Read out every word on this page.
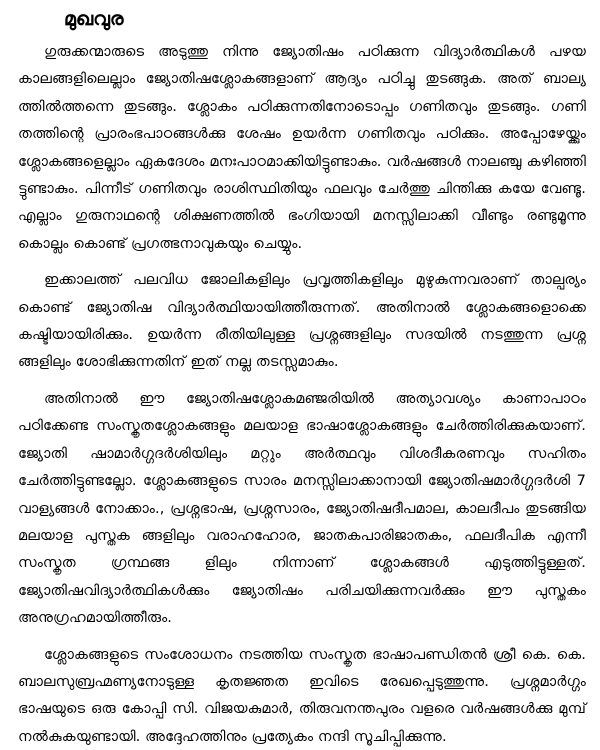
മുഖവുര

ഗുരുക്കന്മാരുടെ അടുത്തു നിന്നു ജ്യോതിഷം പഠിക്കുന്ന വിദ്യാർത്ഥികൾ പഴയ കാലങ്ങളിലെല്ലാം ജ്യോതിഷശ്ലോകങ്ങളാണ് ആദ്യം പഠിച്ചു തുടങ്ങുക. അത് ബാല്യ ത്തിൽത്തന്നെ തുടങ്ങും. ശ്ലോകം പഠിക്കുന്നതിനോടൊപ്പം ഗണിതവും തുടങ്ങും. ഗണി തത്തിന്റെ പ്രാരംഭപാഠങ്ങൾക്കു ശേഷം ഉയർന്ന ഗണിതവും പഠിക്കും. അപ്പോഴേയ്ക്കും ശ്ലോകങ്ങളെല്ലാം ഏകദേശം മനഃപാഠമാക്കിയിട്ടുണ്ടാകും. വർഷങ്ങൾ നാലഞ്ചു കഴിഞ്ഞി ട്ടുണ്ടാകും. പിന്നീട് ഗണിതവും രാശിസ്ഥിതിയും ഫലവും ചേർത്തു ചിന്തിക്കു കയേ വേണ്ടൂ. എല്ലാം ഗുരുനാഥന്റെ ശിക്ഷണത്തിൽ ഭംഗിയായി മനസ്സിലാക്കി വീണ്ടും രണ്ടുമൂന്നു കൊല്ലം കൊണ്ട് പ്രഗത്ഭനാവുകയും ചെയ്യും.

ഇക്കാലത്ത് പലവിധ ജോലികളിലും പ്രവൃത്തികളിലും മുഴുകുന്നവരാണ് താല്പര്യം കൊണ്ട് ജ്യോതിഷ വിദ്യാർത്ഥിയായിത്തീരുന്നത്. അതിനാൽ ശ്ലോകങ്ങളൊക്കെ കഷ്ടിയായിരിക്കും. ഉയർന്ന രീതിയിലുള്ള പ്രശ്നങ്ങളിലും സദയിൽ നടത്തുന്ന പ്രശ്ന ങ്ങളിലും ശോഭിക്കുന്നതിന് ഇത് നല്ല തടസ്സമാകും.

അതിനാൽ ഈ ജ്യോതിഷശ്ലോകമഞ്ജരിയിൽ അത്യാവശ്യം കാണാപാഠം പഠിക്കേണ്ട സംസ്കൃതശ്ലോകങ്ങളും മലയാള ഭാഷാശ്ലോകങ്ങളും ചേർത്തിരിക്കുകയാണ്. ജ്യോതി ഷാമാർഗ്ഗദർശിയിലും മറ്റും അർത്ഥവും വിശദീകരണവും സഹിതം ചേർത്തിട്ടുണ്ടല്ലോ. ശ്ലോകങ്ങളുടെ സാരം മനസ്സിലാക്കാനായി ജ്യോതിഷമാർഗ്ഗദർശി 7 വാള്യങ്ങൾ നോക്കാം., പ്രശ്നഭാഷ, പ്രശ്നസാരം, ജ്യോതിഷദീപമാല, കാലദീപം തുടങ്ങിയ മലയാള പുസ്തക ങ്ങളിലും വരാഹഹോര, ജാതകപാരിജാതകം, ഫലദീപിക എന്നീ സംസ്കൃത ഗ്രന്ഥങ്ങ ളിലും നിന്നാണ് ശ്ലോകങ്ങൾ എടുത്തിട്ടുള്ളത്. ജ്യോതിഷവിദ്യാർത്ഥികൾക്കും ജ്യോതിഷം പരിചയിക്കുന്നവർക്കും ഈ പുസ്തകം അനുഗ്രഹമായിത്തീരും.

ശ്ലോകങ്ങളുടെ സംശോധനം നടത്തിയ സംസ്കൃത ഭാഷാപണ്ഡിതൻ ശ്രീ കെ. കെ. ബാലസുബ്രഹ്മണ്യനോടുള്ള കൃതജ്ഞത ഇവിടെ രേഖപ്പെടുത്തുന്നു. പ്രശ്നമാർഗ്ഗം ഭാഷയുടെ ഒരു കോപ്പി സി. വിജയകുമാർ, തിരുവനന്തപുരം വളരെ വർഷങ്ങൾക്കു മുമ്പ് നൽകുകയുണ്ടായി. അദ്ദേഹത്തിനും പ്രത്യേകം നന്ദി സൂചിപ്പിക്കുന്നു.
